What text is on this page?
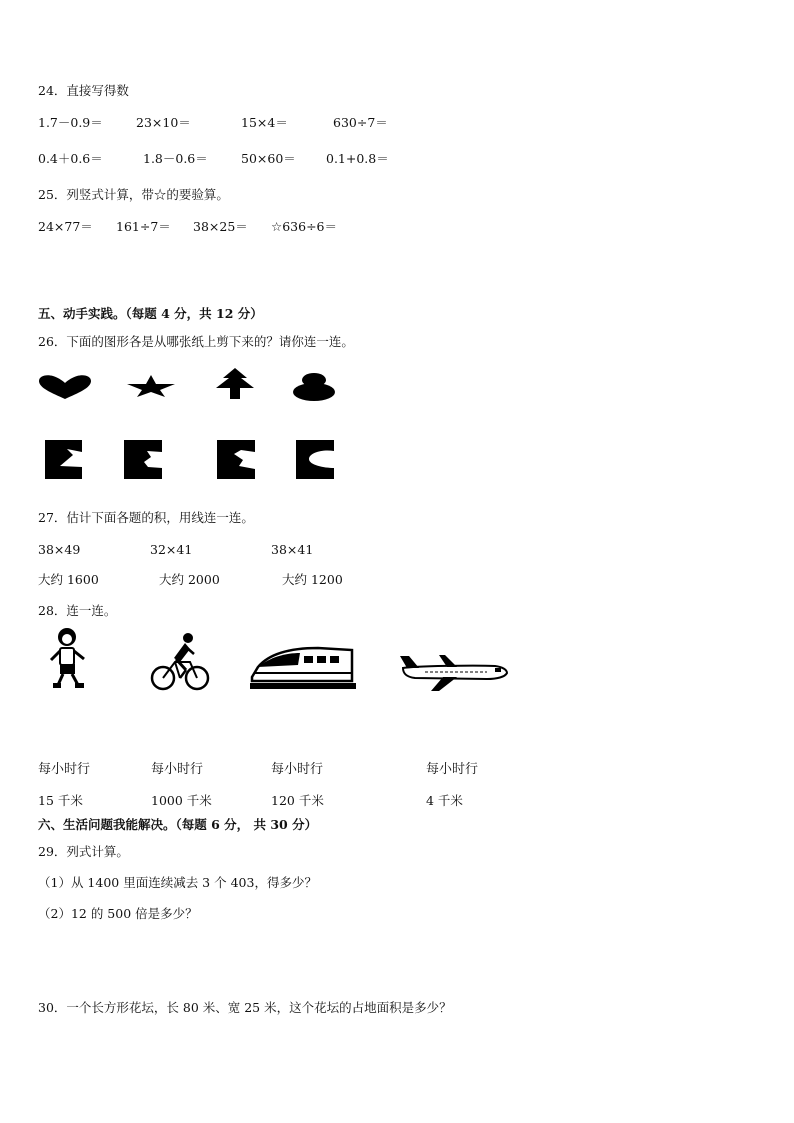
24．直接写得数
1.7－0.9＝	23×10＝	15×4＝	630÷7＝
0.4＋0.6＝	1.8－0.6＝	50×60＝ 0.1+0.8＝
25．列竖式计算，带☆的要验算。
24×77＝ 161÷7＝ 38×25＝ ☆636÷6＝
五、动手实践。（每题 4 分，共 12 分）
26．下面的图形各是从哪张纸上剪下来的？请你连一连。
27．估计下面各题的积，用线连一连。
38×49	32×41	38×41
大约 1600	大约 2000	大约 1200
28．连一连。
每小时行	每小时行	每小时行	每小时行
15 千米	1000 千米	120 千米	4 千米
六、生活问题我能解决。（每题 6 分， 共 30 分）
29．列式计算。
（1）从 1400 里面连续减去 3 个 403，得多少？
（2）12 的 500 倍是多少？
30．一个长方形花坛，长 80 米、宽 25 米，这个花坛的占地面积是多少？
